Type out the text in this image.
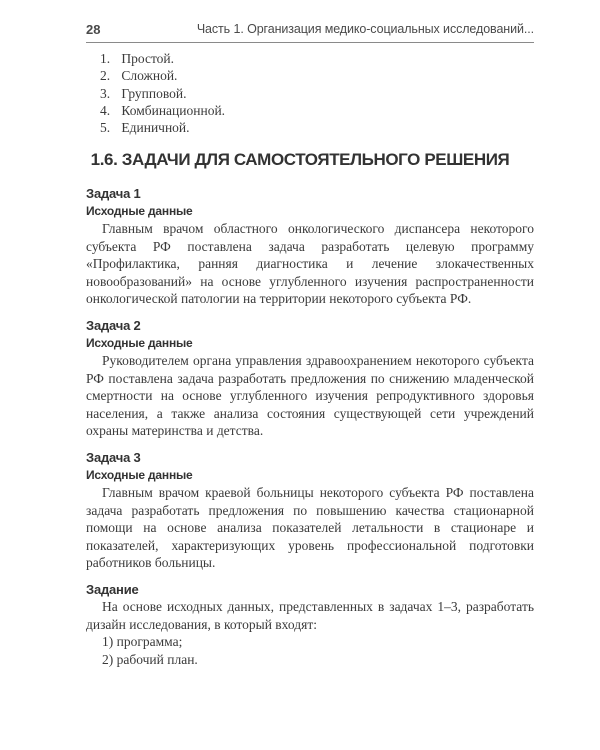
28	Часть 1. Организация медико-социальных исследований...
1. Простой.
2. Сложной.
3. Групповой.
4. Комбинационной.
5. Единичной.
1.6. ЗАДАЧИ ДЛЯ САМОСТОЯТЕЛЬНОГО РЕШЕНИЯ
Задача 1
Исходные данные
Главным врачом областного онкологического диспансера некоторого субъекта РФ поставлена задача разработать целевую программу «Профилактика, ранняя диагностика и лечение злокачественных новообразований» на основе углубленного изучения распространенности онкологической патологии на территории некоторого субъекта РФ.
Задача 2
Исходные данные
Руководителем органа управления здравоохранением некоторого субъекта РФ поставлена задача разработать предложения по снижению младенческой смертности на основе углубленного изучения репродуктивного здоровья населения, а также анализа состояния существующей сети учреждений охраны материнства и детства.
Задача 3
Исходные данные
Главным врачом краевой больницы некоторого субъекта РФ поставлена задача разработать предложения по повышению качества стационарной помощи на основе анализа показателей летальности в стационаре и показателей, характеризующих уровень профессиональной подготовки работников больницы.
Задание
На основе исходных данных, представленных в задачах 1–3, разработать дизайн исследования, в который входят:
1) программа;
2) рабочий план.
